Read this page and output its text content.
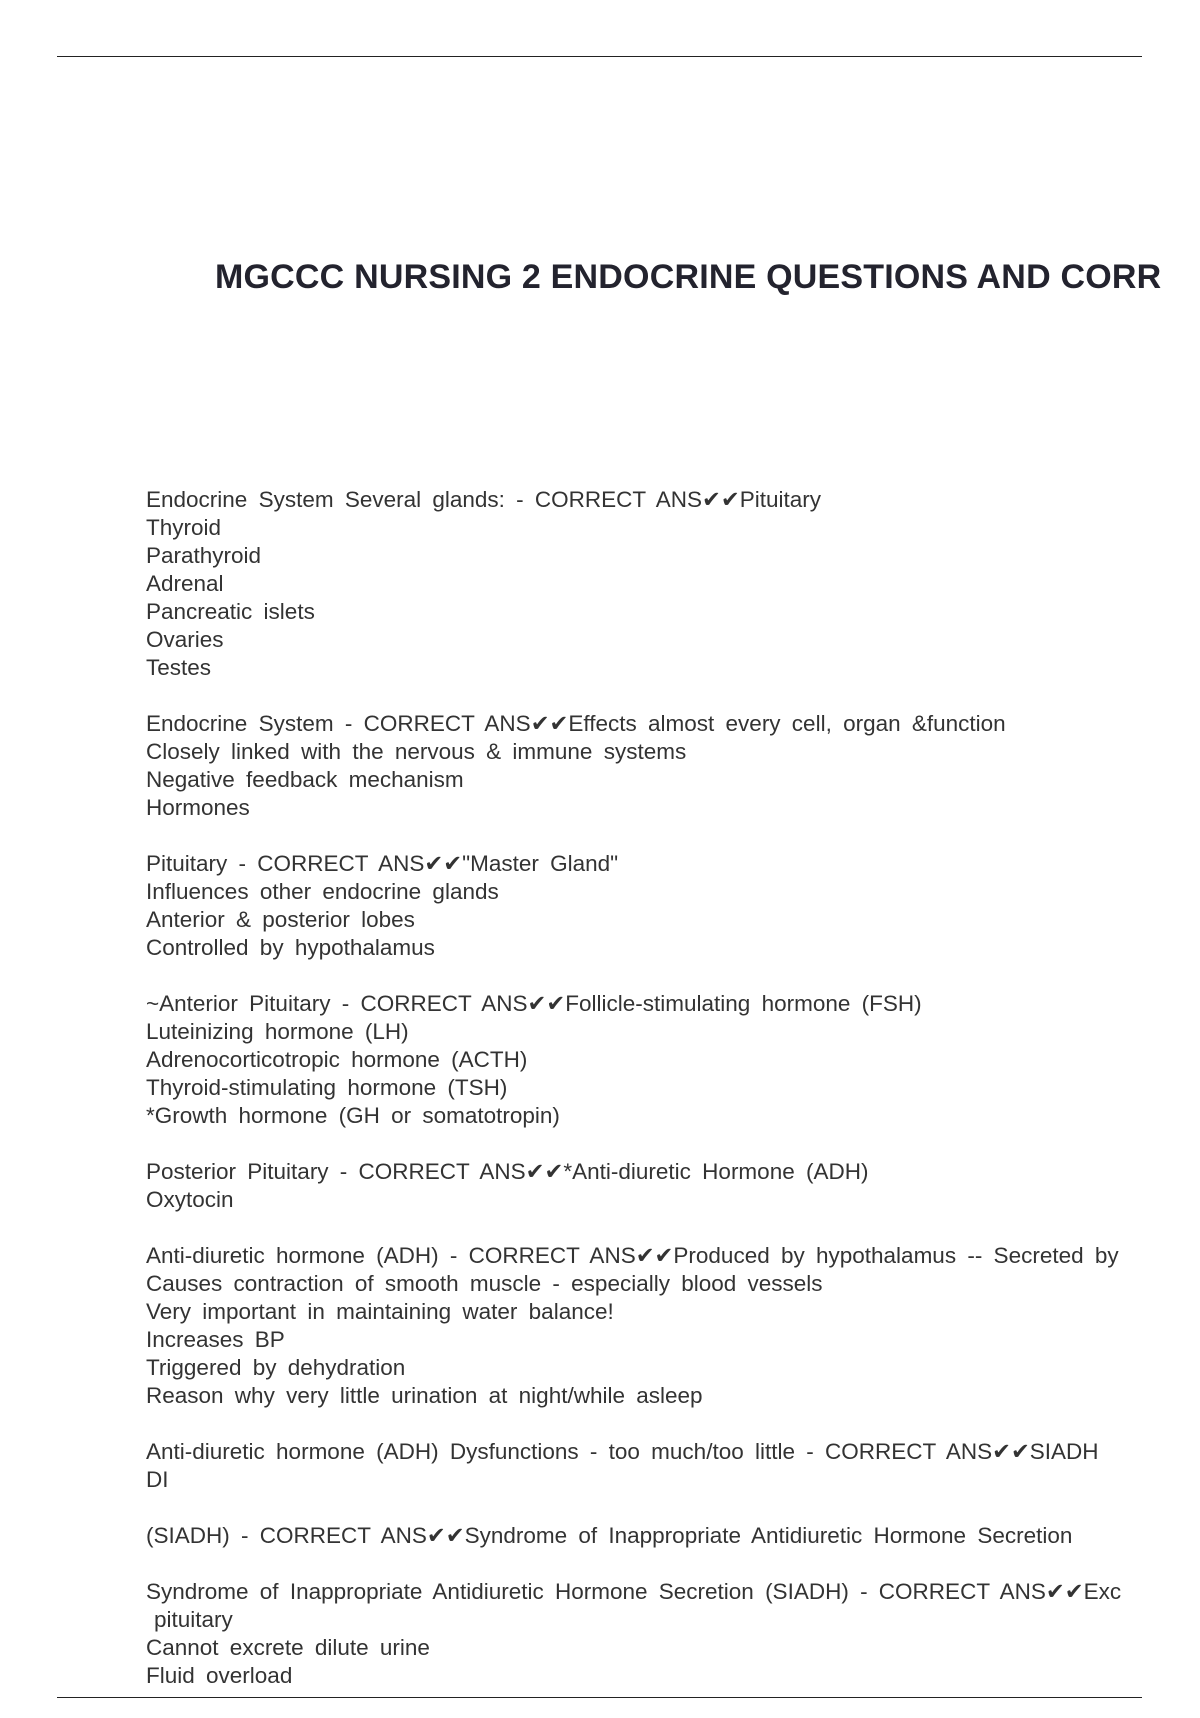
MGCCC NURSING 2 ENDOCRINE QUESTIONS AND CORR
Endocrine System Several glands: - CORRECT ANS✔✔Pituitary
Thyroid
Parathyroid
Adrenal
Pancreatic islets
Ovaries
Testes
Endocrine System - CORRECT ANS✔✔Effects almost every cell, organ &function
Closely linked with the nervous & immune systems
Negative feedback mechanism
Hormones
Pituitary - CORRECT ANS✔✔"Master Gland"
Influences other endocrine glands
Anterior & posterior lobes
Controlled by hypothalamus
~Anterior Pituitary - CORRECT ANS✔✔Follicle-stimulating hormone (FSH)
Luteinizing hormone (LH)
Adrenocorticotropic hormone (ACTH)
Thyroid-stimulating hormone (TSH)
*Growth hormone (GH or somatotropin)
Posterior Pituitary - CORRECT ANS✔✔*Anti-diuretic Hormone (ADH)
Oxytocin
Anti-diuretic hormone (ADH) - CORRECT ANS✔✔Produced by hypothalamus -- Secreted by
Causes contraction of smooth muscle - especially blood vessels
Very important in maintaining water balance!
Increases BP
Triggered by dehydration
Reason why very little urination at night/while asleep
Anti-diuretic hormone (ADH) Dysfunctions - too much/too little - CORRECT ANS✔✔SIADH
DI
(SIADH) - CORRECT ANS✔✔Syndrome of Inappropriate Antidiuretic Hormone Secretion
Syndrome of Inappropriate Antidiuretic Hormone Secretion (SIADH) - CORRECT ANS✔✔Exc
pituitary
Cannot excrete dilute urine
Fluid overload
